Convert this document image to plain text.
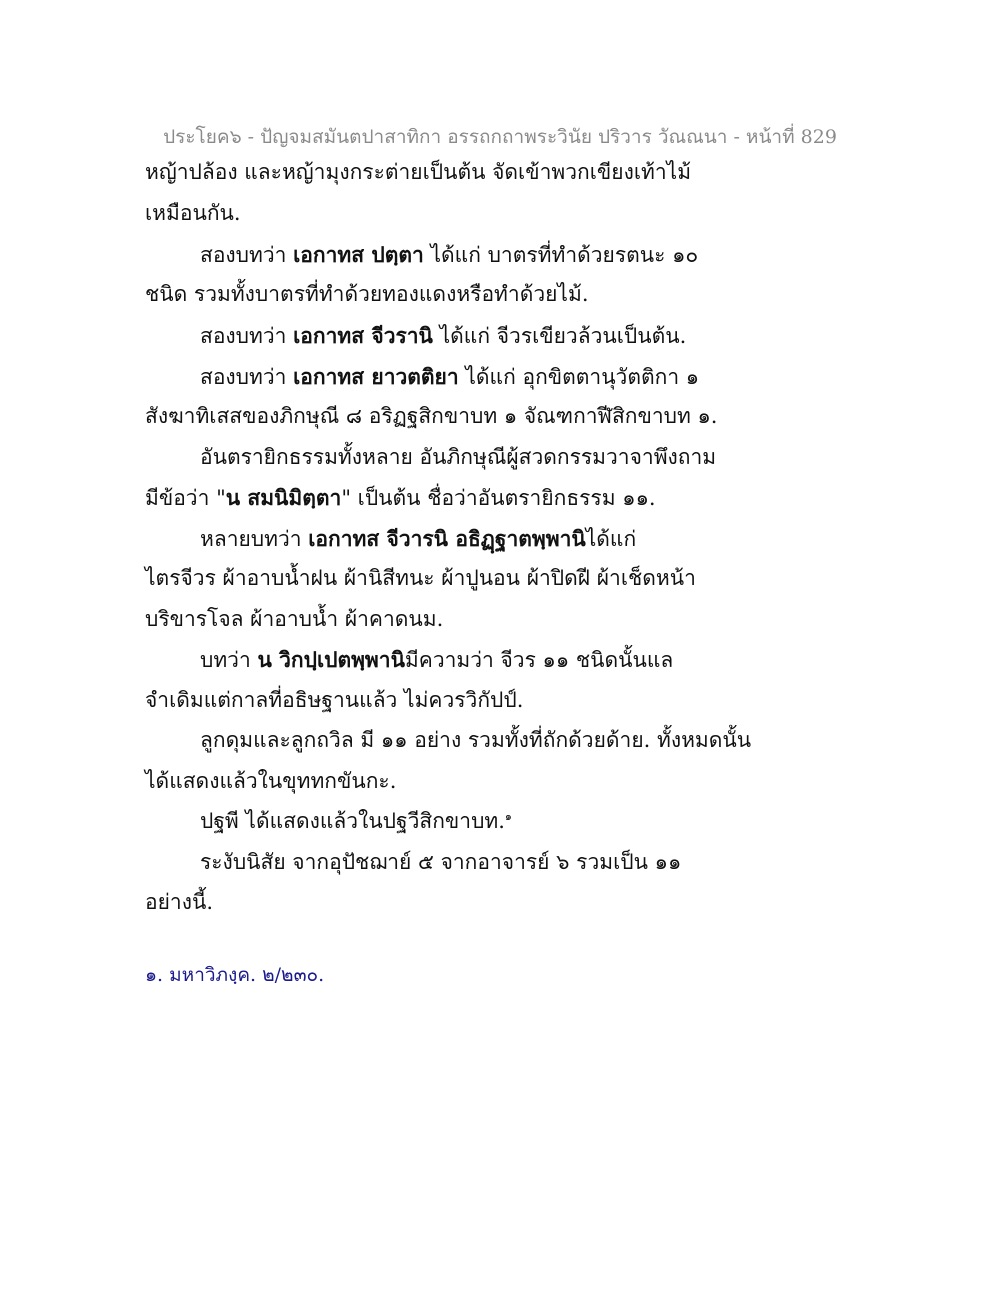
ประโยค๖ - ปัญจมสมันตปาสาทิกา อรรถกถาพระวินัย ปริวาร วัณณนา - หน้าที่ 829
หญ้าปล้อง และหญ้ามุงกระต่ายเป็นต้น จัดเข้าพวกเขียงเท้าไม้
เหมือนกัน.
สองบทว่า เอกาทส ปตฺตา ได้แก่ บาตรที่ทำด้วยรตนะ ๑๐
ชนิด รวมทั้งบาตรที่ทำด้วยทองแดงหรือทำด้วยไม้.
สองบทว่า เอกาทส จีวรานิ ได้แก่ จีวรเขียวล้วนเป็นต้น.
สองบทว่า เอกาทส ยาวตติยา ได้แก่ อุกขิตตานุวัตติกา ๑
สังฆาทิเสสของภิกษุณี ๘ อริฏฐสิกขาบท ๑ จัณฑกาฬีสิกขาบท ๑.
อันตรายิกธรรมทั้งหลาย อันภิกษุณีผู้สวดกรรมวาจาพึงถาม
มีข้อว่า "น สมนิมิตฺตา" เป็นต้น ชื่อว่าอันตรายิกธรรม ๑๑.
หลายบทว่า เอกาทส จีวารนิ อธิฏฺฐาตพฺพานิได้แก่
ไตรจีวร ผ้าอาบน้ำฝน ผ้านิสีทนะ ผ้าปูนอน ผ้าปิดฝี ผ้าเช็ดหน้า
บริขารโจล ผ้าอาบน้ำ ผ้าคาดนม.
บทว่า น วิกปฺเปตพฺพานิมีความว่า จีวร ๑๑ ชนิดนั้นแล
จำเดิมแต่กาลที่อธิษฐานแล้ว ไม่ควรวิกัปป์.
ลูกดุมและลูกถวิล มี ๑๑ อย่าง รวมทั้งที่ถักด้วยด้าย. ทั้งหมดนั้น
ได้แสดงแล้วในขุททกขันกะ.
ปฐพี ได้แสดงแล้วในปฐวีสิกขาบท.$^๑$
ระงับนิสัย จากอุปัชฌาย์ ๕ จากอาจารย์ ๖ รวมเป็น ๑๑
อย่างนี้.
๑. มหาวิภงฺค. ๒/๒๓๐.
